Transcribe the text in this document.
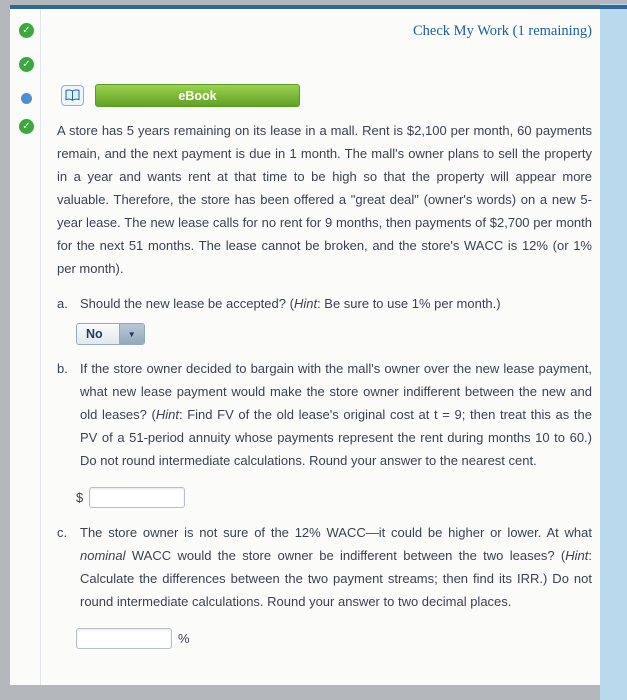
✓
✓
✓
Check My Work (1 remaining)
eBook

A store has 5 years remaining on its lease in a mall. Rent is $2,100 per month, 60 payments remain, and the next payment is due in 1 month. The mall's owner plans to sell the property in a year and wants rent at that time to be high so that the property will appear more valuable. Therefore, the store has been offered a "great deal" (owner's words) on a new 5-year lease. The new lease calls for no rent for 9 months, then payments of $2,700 per month for the next 51 months. The lease cannot be broken, and the store's WACC is 12% (or 1% per month).

a. Should the new lease be accepted? (Hint: Be sure to use 1% per month.)
No	▼
b. If the store owner decided to bargain with the mall's owner over the new lease payment, what new lease payment would make the store owner indifferent between the new and old leases? (Hint: Find FV of the old lease's original cost at t = 9; then treat this as the PV of a 51-period annuity whose payments represent the rent during months 10 to 60.) Do not round intermediate calculations. Round your answer to the nearest cent.
$
c. The store owner is not sure of the 12% WACC—it could be higher or lower. At what nominal WACC would the store owner be indifferent between the two leases? (Hint: Calculate the differences between the two payment streams; then find its IRR.) Do not round intermediate calculations. Round your answer to two decimal places.
%
